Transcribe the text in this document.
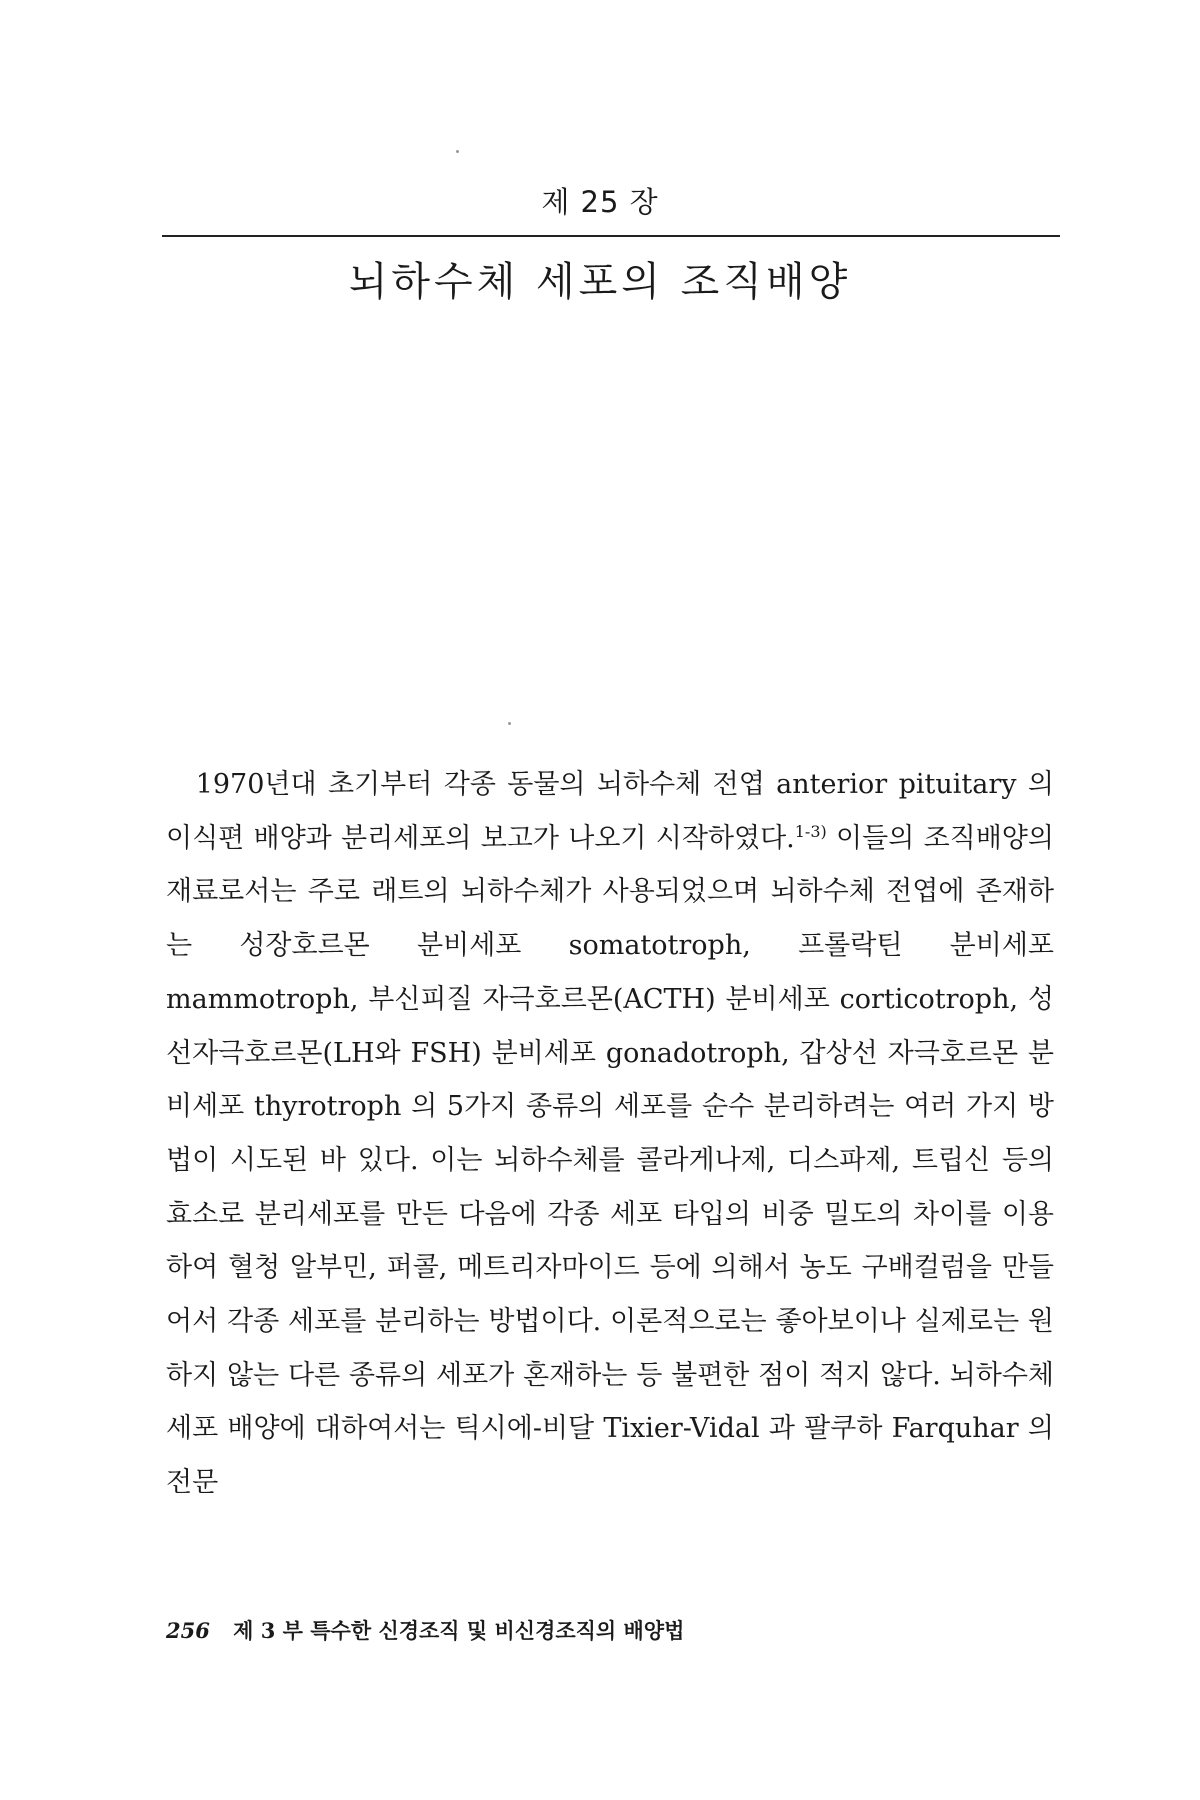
제 25 장
뇌하수체 세포의 조직배양

1970년대 초기부터 각종 동물의 뇌하수체 전엽 anterior pituitary 의 이식편 배양과 분리세포의 보고가 나오기 시작하였다.$^{1-3)}$ 이들의 조직배양의 재료로서는 주로 래트의 뇌하수체가 사용되었으며 뇌하수체 전엽에 존재하는 성장호르몬 분비세포 somatotroph, 프롤락틴 분비세포 mammotroph, 부신피질 자극호르몬(ACTH) 분비세포 corticotroph, 성선자극호르몬(LH와 FSH) 분비세포 gonadotroph, 갑상선 자극호르몬 분비세포 thyrotroph 의 5가지 종류의 세포를 순수 분리하려는 여러 가지 방법이 시도된 바 있다. 이는 뇌하수체를 콜라게나제, 디스파제, 트립신 등의 효소로 분리세포를 만든 다음에 각종 세포 타입의 비중 밀도의 차이를 이용하여 혈청 알부민, 퍼콜, 메트리자마이드 등에 의해서 농도 구배컬럼을 만들어서 각종 세포를 분리하는 방법이다. 이론적으로는 좋아보이나 실제로는 원하지 않는 다른 종류의 세포가 혼재하는 등 불편한 점이 적지 않다. 뇌하수체 세포 배양에 대하여서는 틱시에-비달 Tixier-Vidal 과 팔쿠하 Farquhar 의 전문

256 제 3 부 특수한 신경조직 및 비신경조직의 배양법
